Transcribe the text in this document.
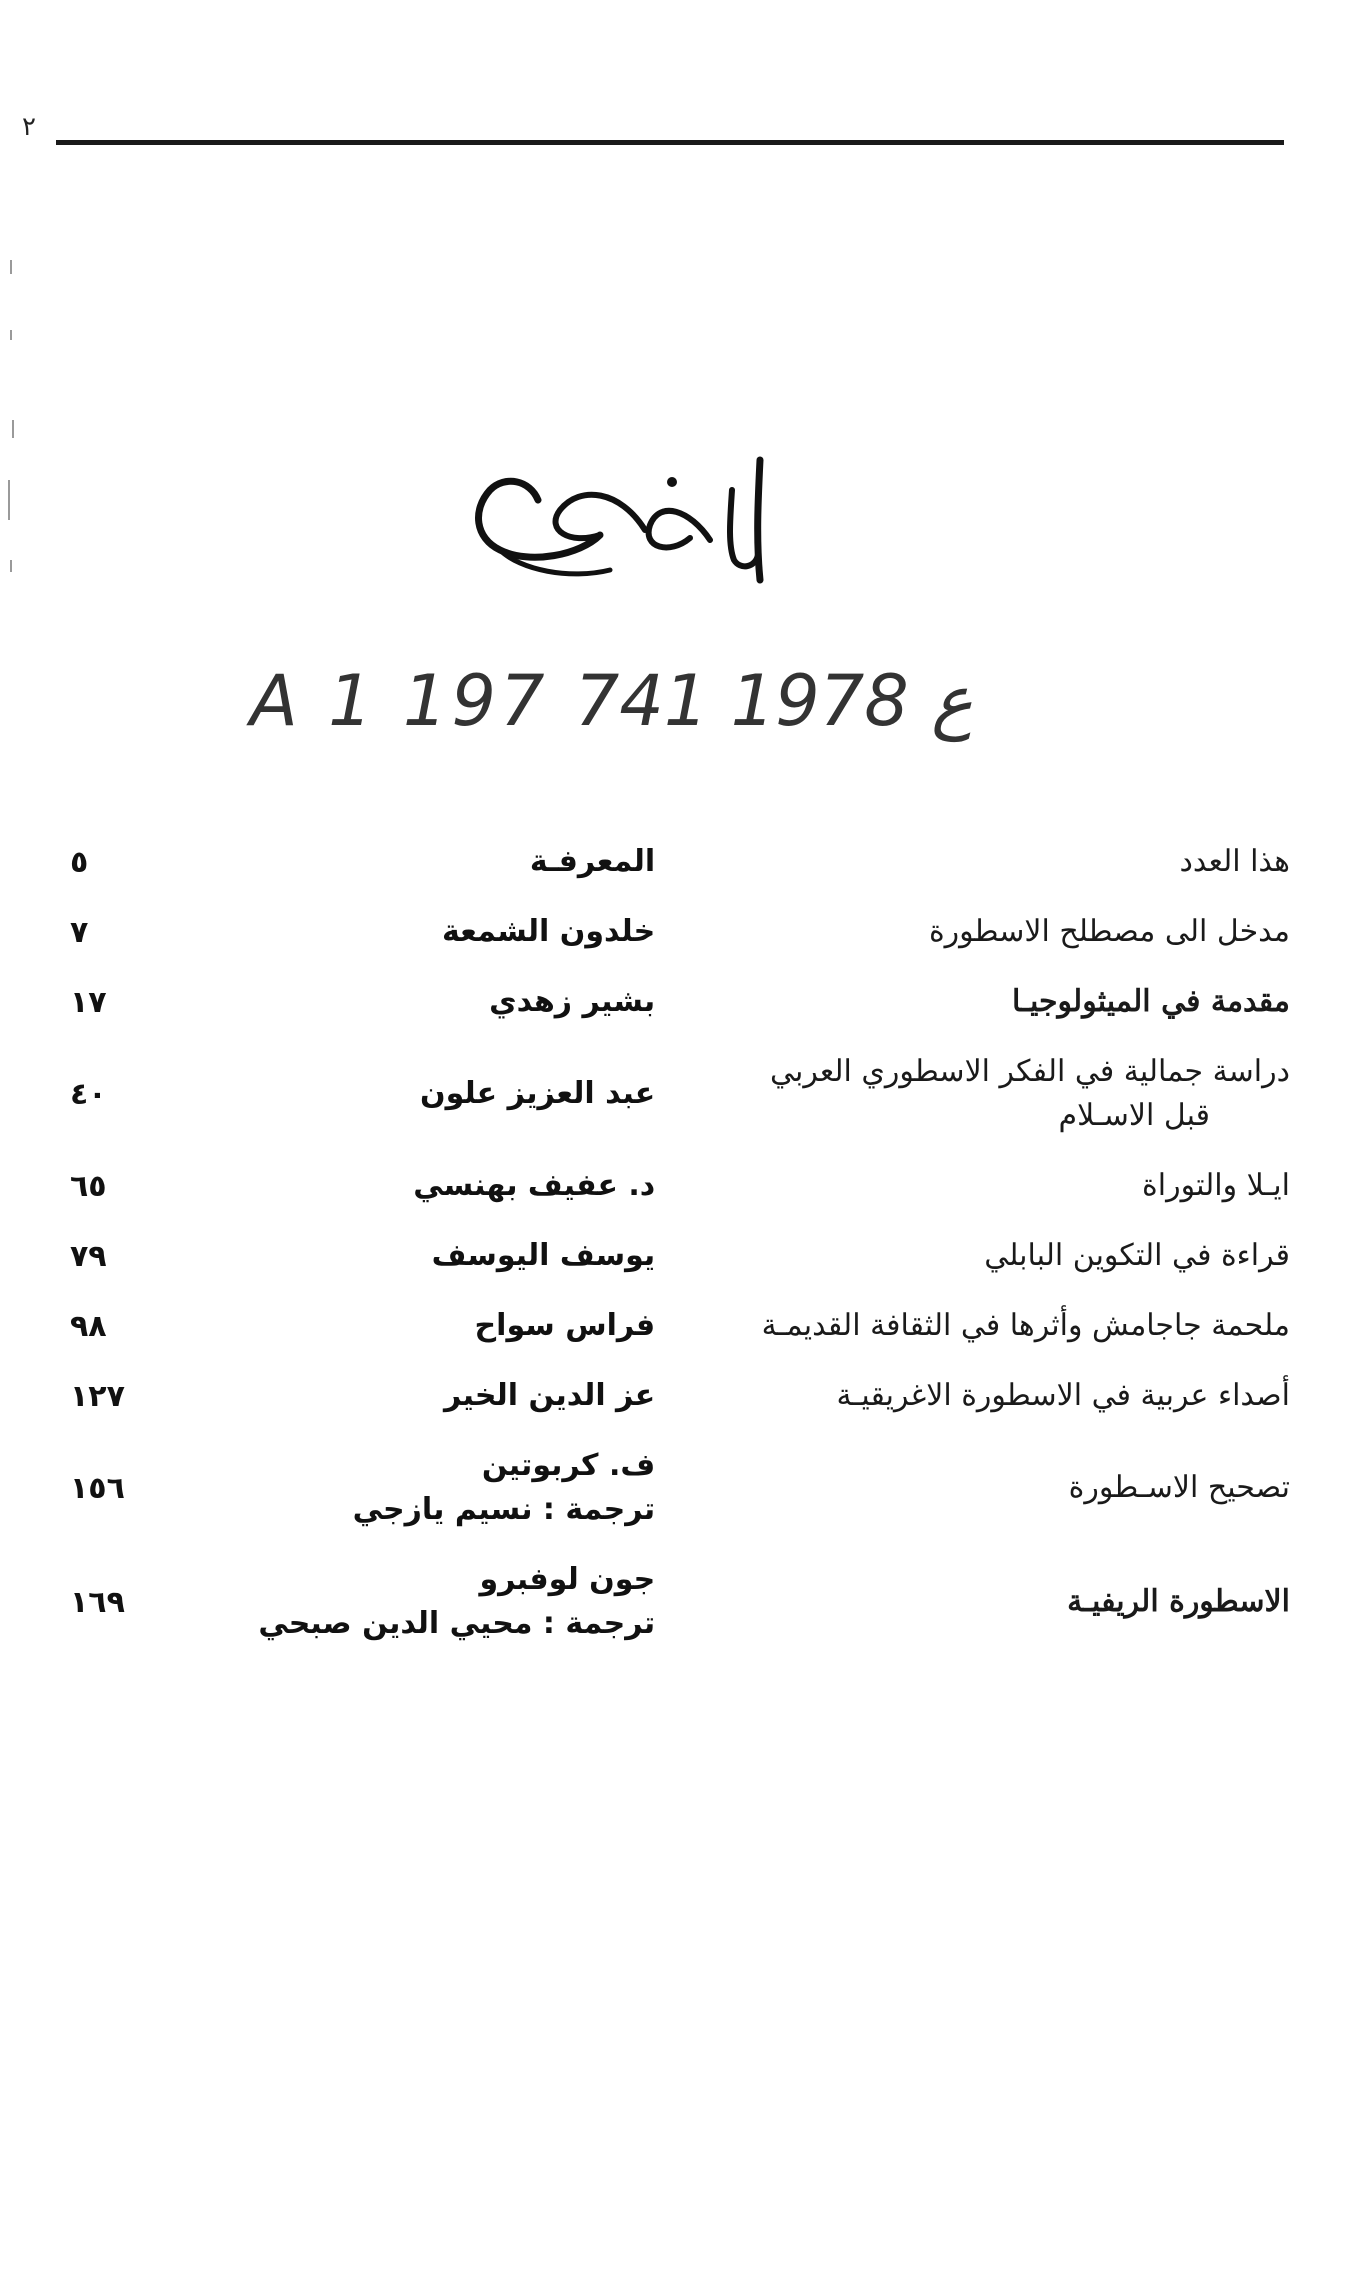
٢
A 1 197 ع 1978 741
هذا العدد
المعرفـة
٥
مدخل الى مصطلح الاسطورة
خلدون الشمعة
٧
مقدمة في الميثولوجيـا
بشير زهدي
١٧
دراسة جمالية في الفكر الاسطوري العربي
قبل الاسـلام
عبد العزيز علون
٤٠
ايـلا والتوراة
د. عفيف بهنسي
٦٥
قراءة في التكوين البابلي
يوسف اليوسف
٧٩
ملحمة جاجامش وأثرها في الثقافة القديمـة
فراس سواح
٩٨
أصداء عربية في الاسطورة الاغريقيـة
عز الدين الخير
١٢٧
تصحيح الاسـطورة
ف. كربوتين
ترجمة : نسيم يازجي
١٥٦
الاسطورة الريفيـة
جون لوفبرو
ترجمة : محيي الدين صبحي
١٦٩
